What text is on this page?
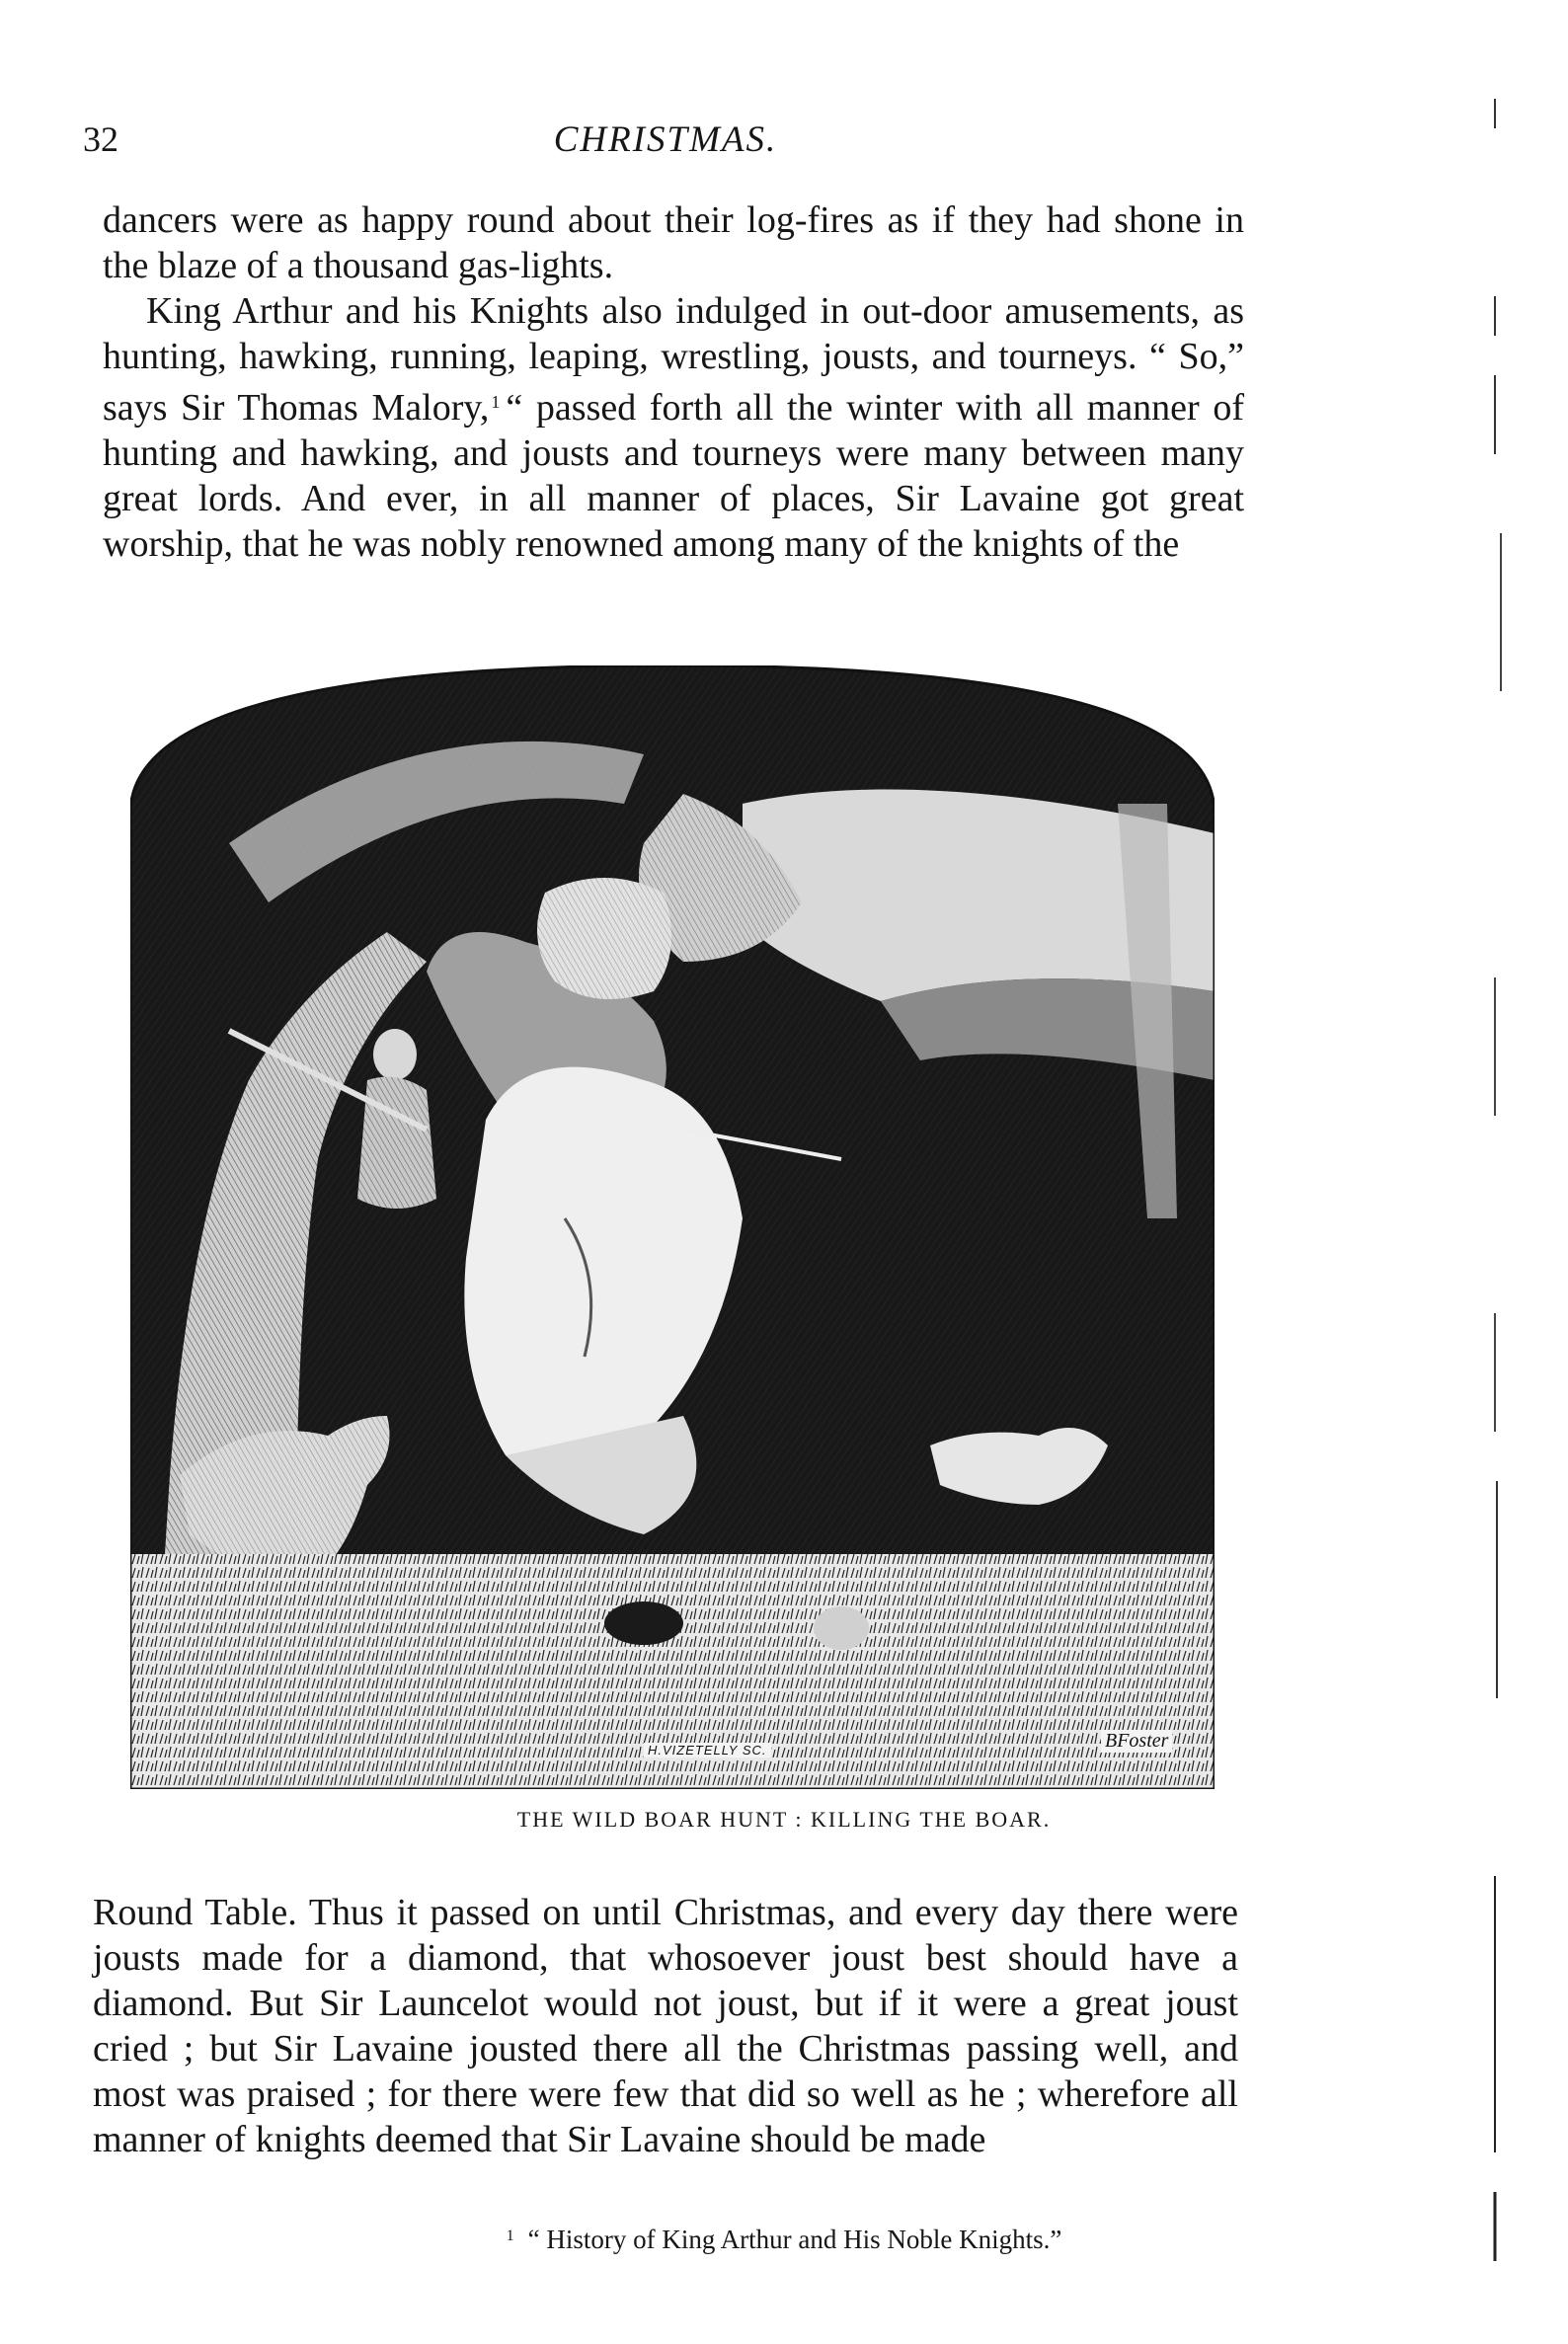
32	CHRISTMAS.

dancers were as happy round about their log-fires as if they had shone in the blaze of a thousand gas-lights.

King Arthur and his Knights also indulged in out-door amusements, as hunting, hawking, running, leaping, wrestling, jousts, and tourneys. “ So,” says Sir Thomas Malory, $^1$ “ passed forth all the winter with all manner of hunting and hawking, and jousts and tourneys were many between many great lords. And ever, in all manner of places, Sir Lavaine got great worship, that he was nobly renowned among many of the knights of the

H.VIZETELLY SC.	BFoster
THE WILD BOAR HUNT : KILLING THE BOAR.

Round Table. Thus it passed on until Christmas, and every day there were jousts made for a diamond, that whosoever joust best should have a diamond. But Sir Launcelot would not joust, but if it were a great joust cried ; but Sir Lavaine jousted there all the Christmas passing well, and most was praised ; for there were few that did so well as he ; wherefore all manner of knights deemed that Sir Lavaine should be made

$^1$ “ History of King Arthur and His Noble Knights.”
